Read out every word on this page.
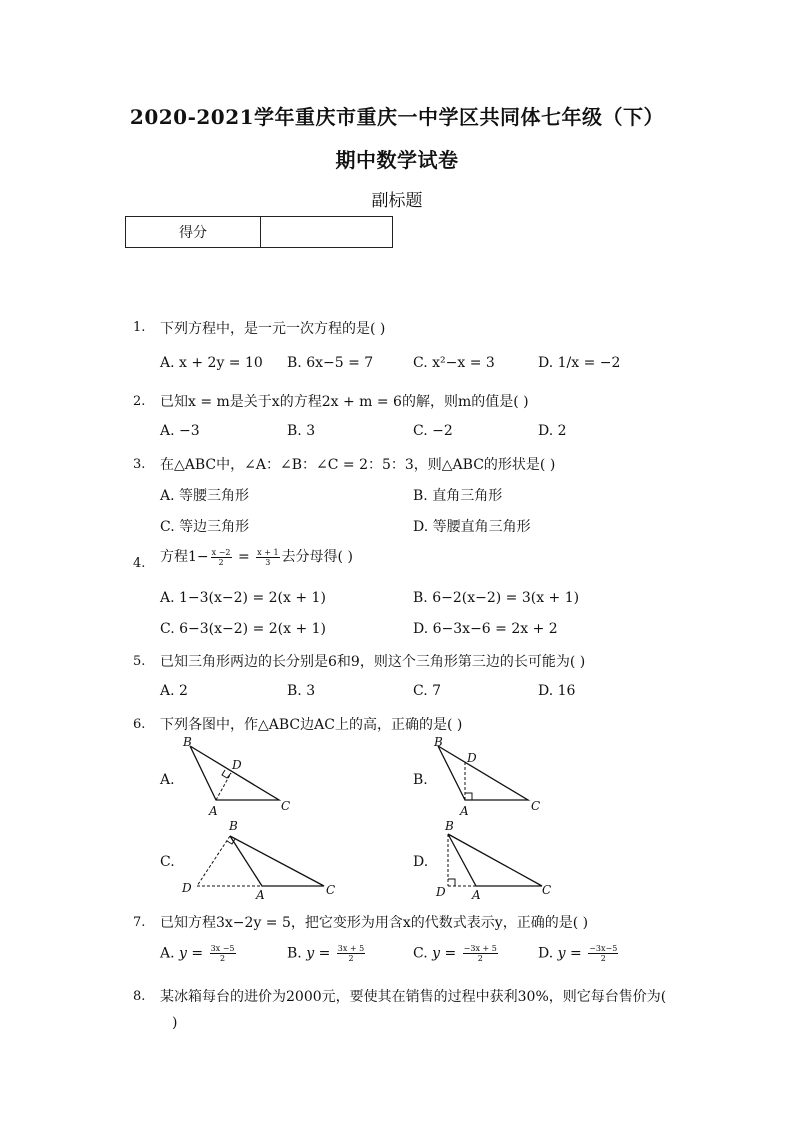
2020-2021学年重庆市重庆一中学区共同体七年级（下）
期中数学试卷
副标题
得分
1. 下列方程中，是一元一次方程的是( )
A. x + 2y = 10 B. 6x−5 = 7	C. x²−x = 3	D. 1/x = −2
2. 已知x = m是关于x的方程2x + m = 6的解，则m的值是( )
A. −3	B. 3	C. −2	D. 2
3. 在△ABC中，∠A：∠B：∠C = 2：5：3，则△ABC的形状是( )
A. 等腰三角形	B. 直角三角形
C. 等边三角形	D. 等腰直角三角形
4. 方程$1- \frac{x -2}{2} = \frac{x + 1}{3}$ 去分母得( )
A. 1−3(x−2) = 2(x + 1)	B. 6−2(x−2) = 3(x + 1)
C. 6−3(x−2) = 2(x + 1)	D. 6−3x−6 = 2x + 2
5. 已知三角形两边的长分别是6和9，则这个三角形第三边的长可能为( )
A. 2	B. 3	C. 7	D. 16
6. 下列各图中，作△ABC边AC上的高，正确的是( )
A.	B.
C.	D.
B
D
A	C
B
D
A	C
B
D	A	C
B
D A	C
7. 已知方程3x−2y = 5，把它变形为用含x的代数式表示y，正确的是( )
A. $y = \frac{3x -5}{2}$	B. $y = \frac{3x + 5}{2}$	C. $y = \frac{-3x + 5}{2}$	D. $y = \frac{-3x-5}{2}$
8. 某冰箱每台的进价为2000元，要使其在销售的过程中获利30%，则它每台售价为(
)
